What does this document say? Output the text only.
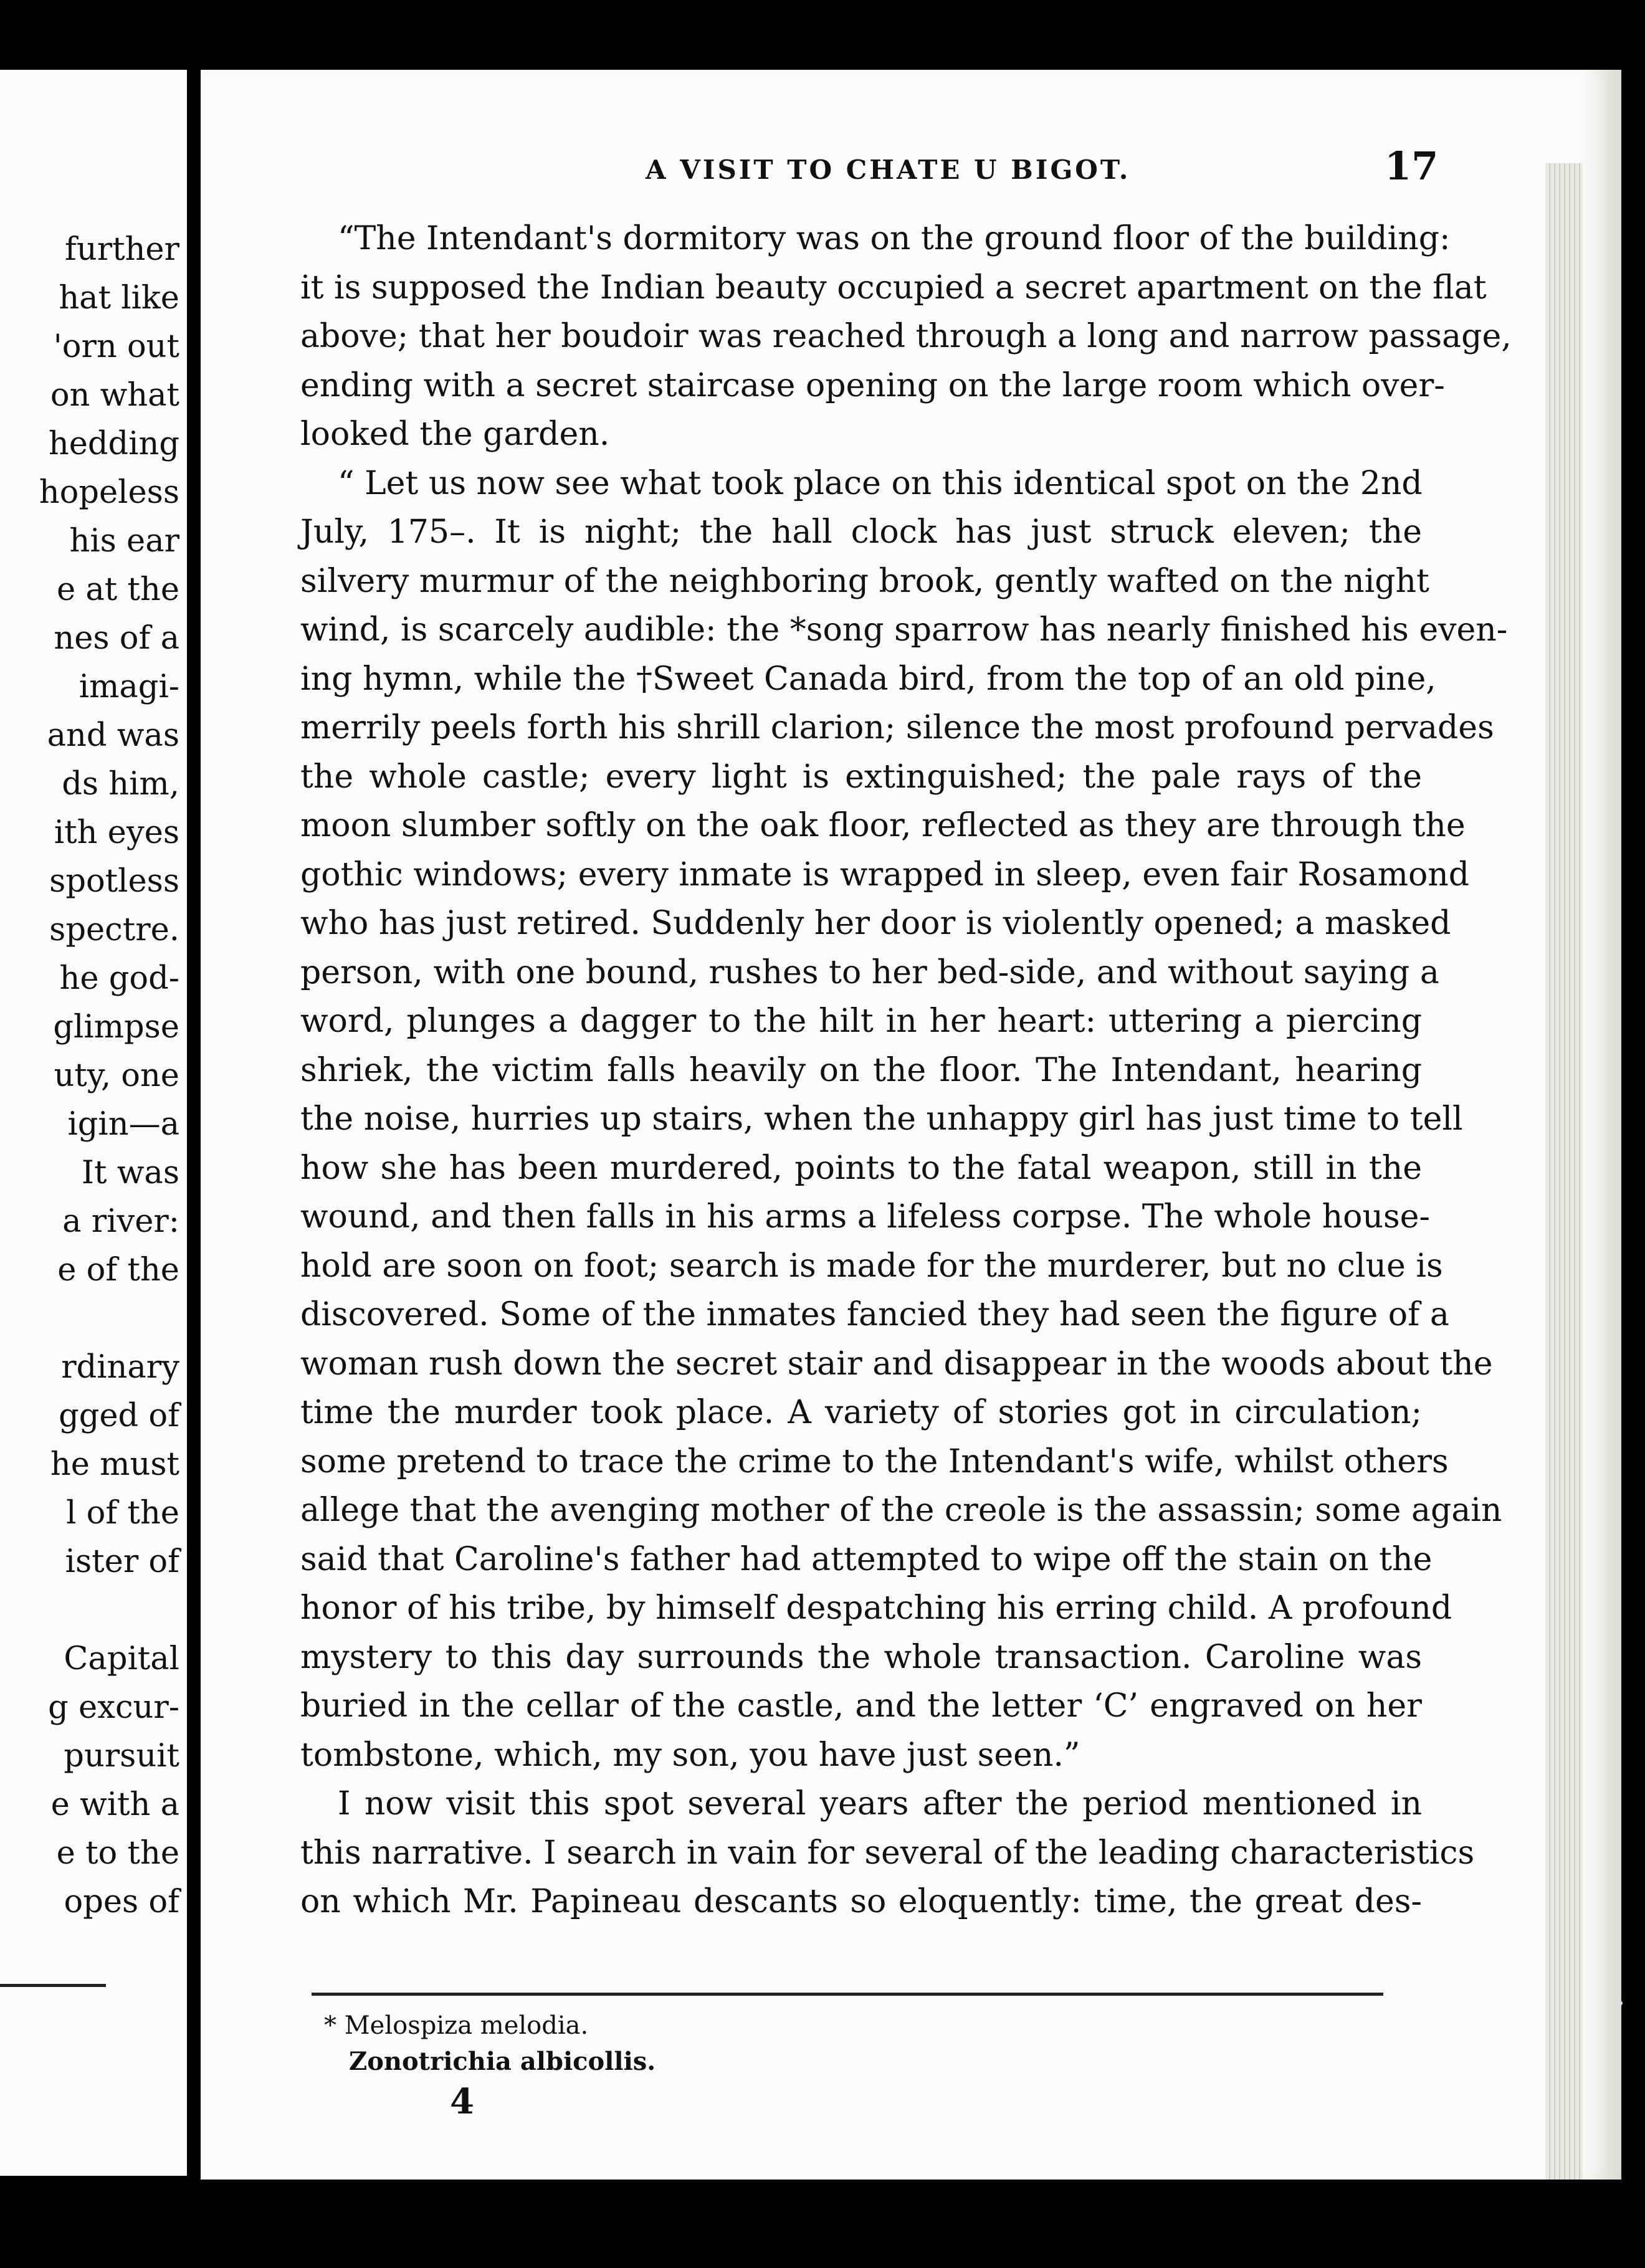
further
hat like
'orn out
on what
hedding
hopeless
his ear
e at the
nes of a
imagi-
and was
ds him,
ith eyes
spotless
spectre.
he god-
glimpse
uty, one
igin—a
It was
a river:
e of the
rdinary
gged of
he must
l of the
ister of
Capital
g excur-
pursuit
e with a
e to the
opes of
A VISIT TO CHATE U BIGOT.	17
“The Intendant's dormitory was on the ground floor of the building:
it is supposed the Indian beauty occupied a secret apartment on the flat
above; that her boudoir was reached through a long and narrow passage,
ending with a secret staircase opening on the large room which over-
looked the garden.
“ Let us now see what took place on this identical spot on the 2nd
July, 175–. It is night; the hall clock has just struck eleven; the
silvery murmur of the neighboring brook, gently wafted on the night
wind, is scarcely audible: the *song sparrow has nearly finished his even-
ing hymn, while the †Sweet Canada bird, from the top of an old pine,
merrily peels forth his shrill clarion; silence the most profound pervades
the whole castle; every light is extinguished; the pale rays of the
moon slumber softly on the oak floor, reflected as they are through the
gothic windows; every inmate is wrapped in sleep, even fair Rosamond
who has just retired. Suddenly her door is violently opened; a masked
person, with one bound, rushes to her bed-side, and without saying a
word, plunges a dagger to the hilt in her heart: uttering a piercing
shriek, the victim falls heavily on the floor. The Intendant, hearing
the noise, hurries up stairs, when the unhappy girl has just time to tell
how she has been murdered, points to the fatal weapon, still in the
wound, and then falls in his arms a lifeless corpse. The whole house-
hold are soon on foot; search is made for the murderer, but no clue is
discovered. Some of the inmates fancied they had seen the figure of a
woman rush down the secret stair and disappear in the woods about the
time the murder took place. A variety of stories got in circulation;
some pretend to trace the crime to the Intendant's wife, whilst others
allege that the avenging mother of the creole is the assassin; some again
said that Caroline's father had attempted to wipe off the stain on the
honor of his tribe, by himself despatching his erring child. A profound
mystery to this day surrounds the whole transaction. Caroline was
buried in the cellar of the castle, and the letter ‘C’ engraved on her
tombstone, which, my son, you have just seen.”
I now visit this spot several years after the period mentioned in
this narrative. I search in vain for several of the leading characteristics
on which Mr. Papineau descants so eloquently: time, the great des-
* Melospiza melodia.
Zonotrichia albicollis.
4
